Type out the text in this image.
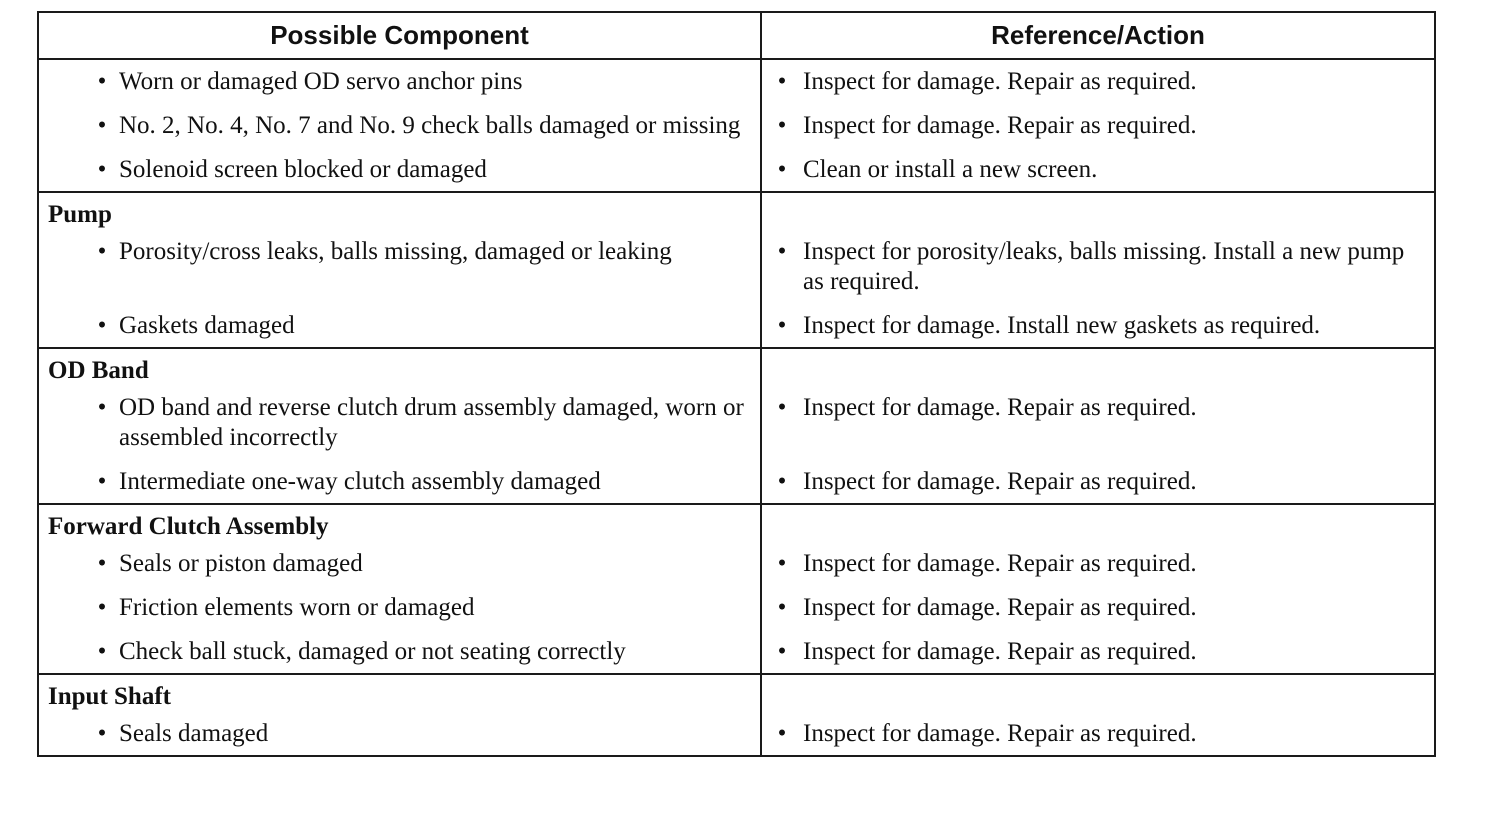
Possible Component	Reference/Action
• Worn or damaged OD servo anchor pins
• No. 2, No. 4, No. 7 and No. 9 check balls damaged or missing
• Solenoid screen blocked or damaged
• Inspect for damage. Repair as required.
• Inspect for damage. Repair as required.
• Clean or install a new screen.
Pump
• Porosity/cross leaks, balls missing, damaged or leaking
• Gaskets damaged
• Inspect for porosity/leaks, balls missing. Install a new pump as required.
• Inspect for damage. Install new gaskets as required.
OD Band
• OD band and reverse clutch drum assembly damaged, worn or assembled incorrectly
• Intermediate one-way clutch assembly damaged
• Inspect for damage. Repair as required.
• Inspect for damage. Repair as required.
Forward Clutch Assembly
• Seals or piston damaged
• Friction elements worn or damaged
• Check ball stuck, damaged or not seating correctly
• Inspect for damage. Repair as required.
• Inspect for damage. Repair as required.
• Inspect for damage. Repair as required.
Input Shaft
• Seals damaged	• Inspect for damage. Repair as required.
